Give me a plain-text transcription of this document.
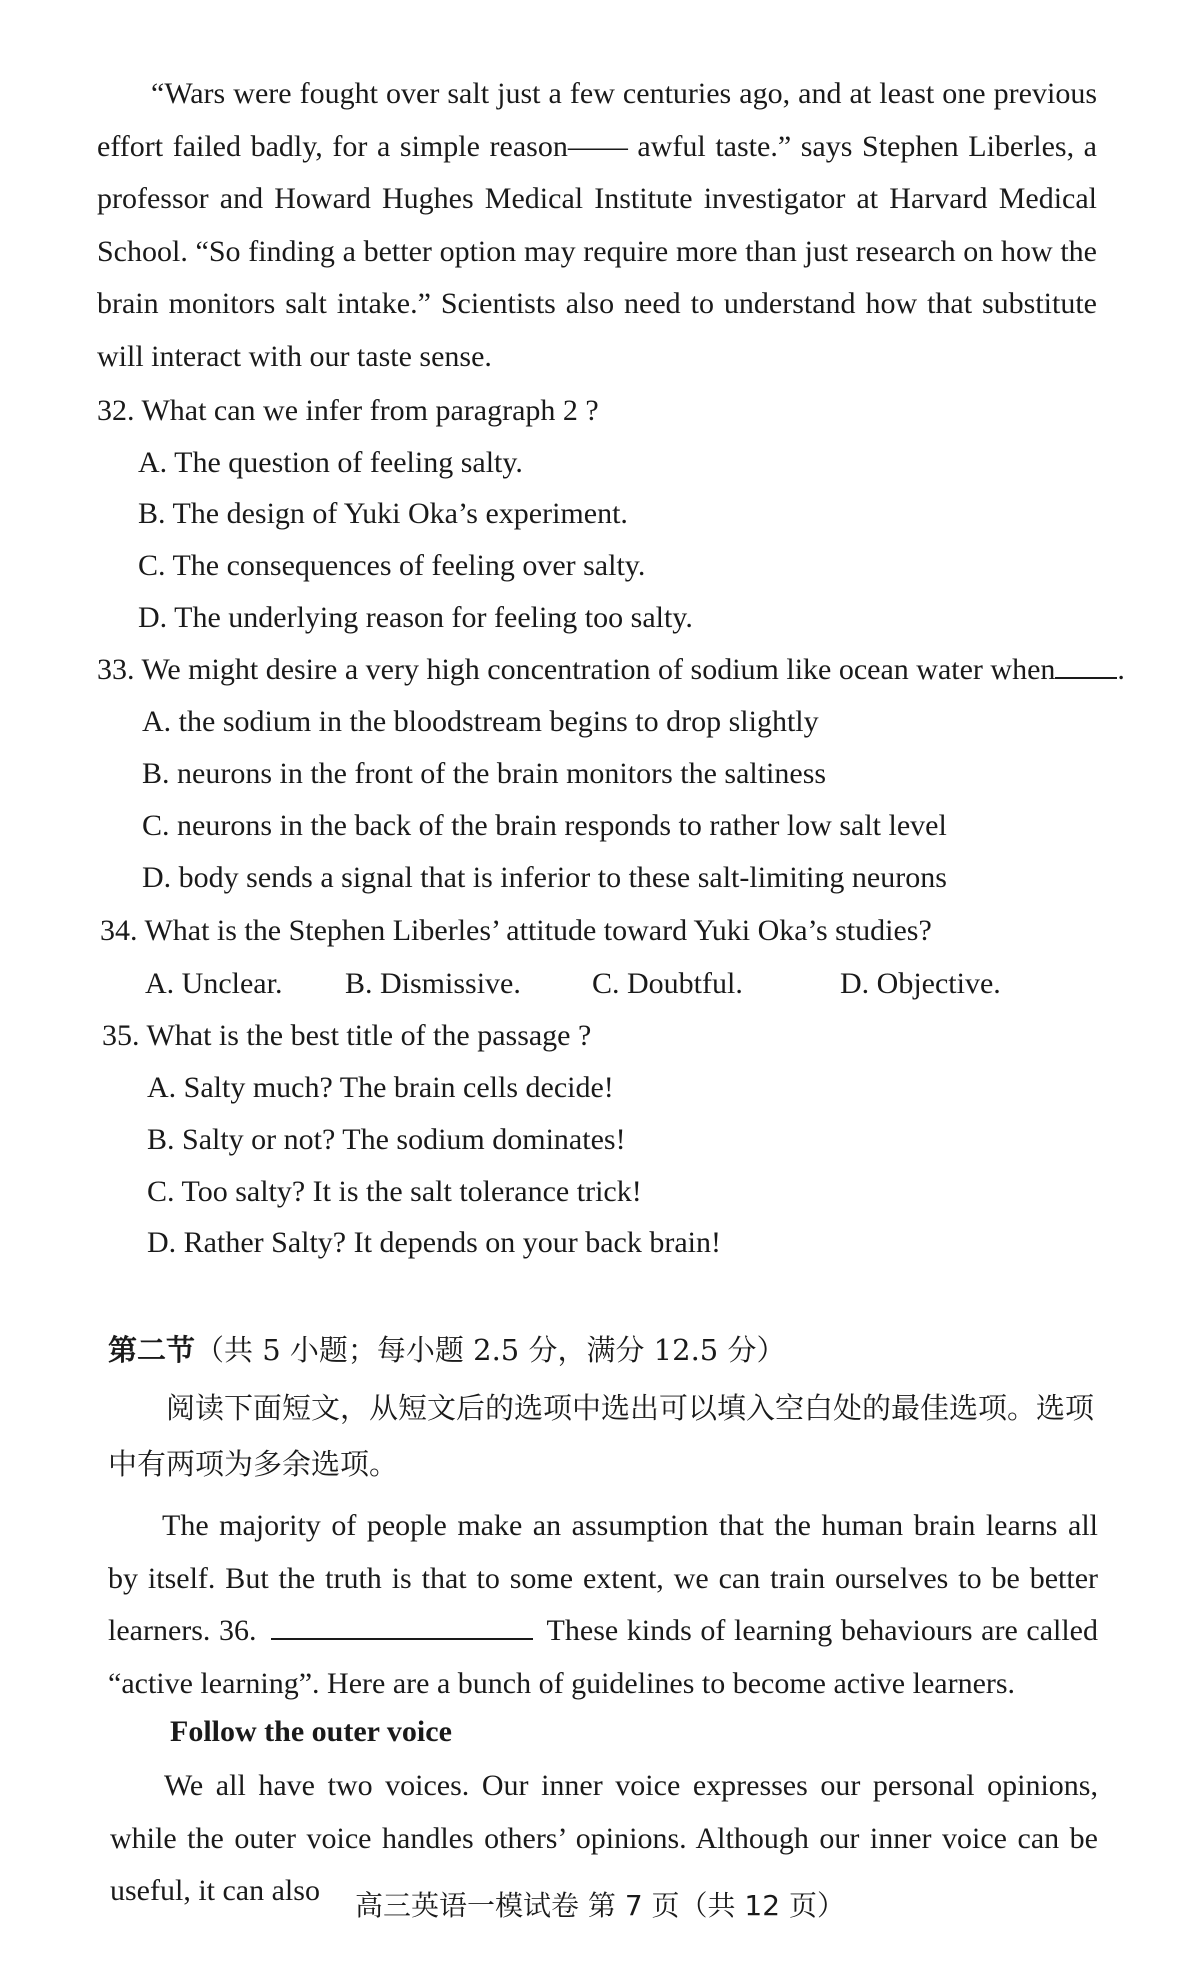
“Wars were fought over salt just a few centuries ago, and at least one previous effort failed badly, for a simple reason—— awful taste.” says Stephen Liberles, a professor and Howard Hughes Medical Institute investigator at Harvard Medical School. “So finding a better option may require more than just research on how the brain monitors salt intake.” Scientists also need to understand how that substitute will interact with our taste sense.

32. What can we infer from paragraph 2 ?
A. The question of feeling salty.
B. The design of Yuki Oka’s experiment.
C. The consequences of feeling over salty.
D. The underlying reason for feeling too salty.
33. We might desire a very high concentration of sodium like ocean water when .
A. the sodium in the bloodstream begins to drop slightly
B. neurons in the front of the brain monitors the saltiness
C. neurons in the back of the brain responds to rather low salt level
D. body sends a signal that is inferior to these salt-limiting neurons
34. What is the Stephen Liberles’ attitude toward Yuki Oka’s studies?
A. Unclear. B. Dismissive. C. Doubtful.	D. Objective.
35. What is the best title of the passage ?
A. Salty much? The brain cells decide!
B. Salty or not? The sodium dominates!
C. Too salty? It is the salt tolerance trick!
D. Rather Salty? It depends on your back brain!
第二节（共 5 小题；每小题 2.5 分，满分 12.5 分）

阅读下面短文，从短文后的选项中选出可以填入空白处的最佳选项。选项中有两项为多余选项。

The majority of people make an assumption that the human brain learns all by itself. But the truth is that to some extent, we can train ourselves to be better learners. 36.	These kinds of learning behaviours are called “active learning”. Here are a bunch of guidelines to become active learners.

Follow the outer voice

We all have two voices. Our inner voice expresses our personal opinions, while the outer voice handles others’ opinions. Although our inner voice can be useful, it can also	高三英语一模试卷 第 7 页（共 12 页）
